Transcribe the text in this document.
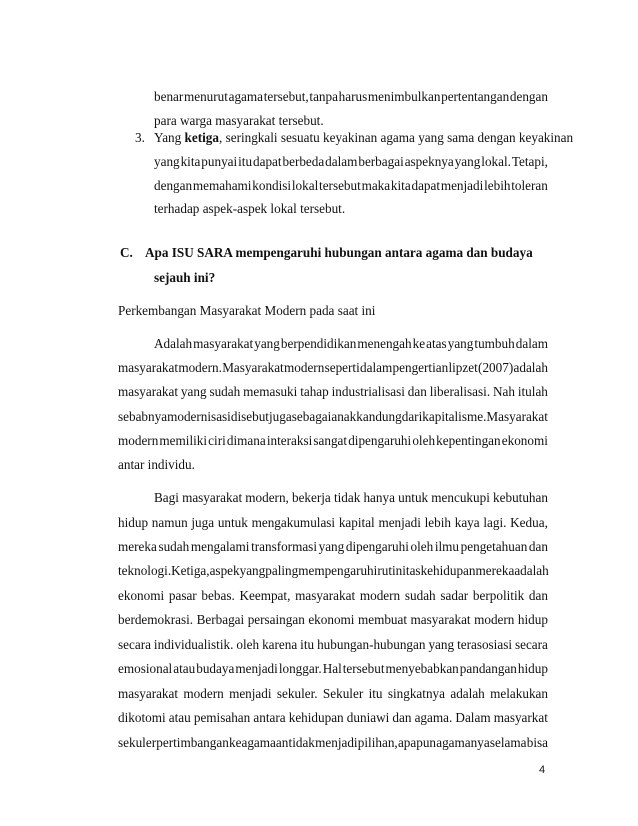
benar menurut agama tersebut, tanpa harus menimbulkan pertentangan dengan
para warga masyarakat tersebut.
3. Yang ketiga, seringkali sesuatu keyakinan agama yang sama dengan keyakinan
yang kita punyai itu dapat berbeda dalam berbagai aspeknya yang lokal. Tetapi,
dengan memahami kondisi lokal tersebut maka kita dapat menjadi lebih toleran
terhadap aspek-aspek lokal tersebut.
C. Apa ISU SARA mempengaruhi hubungan antara agama dan budaya
sejauh ini?
Perkembangan Masyarakat Modern pada saat ini
Adalah masyarakat yang berpendidikan menengah ke atas yang tumbuh dalam
masyarakat modern. Masyarakat modern seperti dalam pengertian lipzet (2007) adalah
masyarakat yang sudah memasuki tahap industrialisasi dan liberalisasi. Nah itulah
sebabnya modernisasi disebut juga sebagai anak kandung dari kapitalisme. Masyarakat
modern memiliki ciri dimana interaksi sangat dipengaruhi oleh kepentingan ekonomi
antar individu.
Bagi masyarakat modern, bekerja tidak hanya untuk mencukupi kebutuhan
hidup namun juga untuk mengakumulasi kapital menjadi lebih kaya lagi. Kedua,
mereka sudah mengalami transformasi yang dipengaruhi oleh ilmu pengetahuan dan
teknologi. Ketiga, aspek yang paling mempengaruhi rutinitas kehidupan mereka adalah
ekonomi pasar bebas. Keempat, masyarakat modern sudah sadar berpolitik dan
berdemokrasi. Berbagai persaingan ekonomi membuat masyarakat modern hidup
secara individualistik. oleh karena itu hubungan-hubungan yang terasosiasi secara
emosional atau budaya menjadi longgar. Hal tersebut menyebabkan pandangan hidup
masyarakat modern menjadi sekuler. Sekuler itu singkatnya adalah melakukan
dikotomi atau pemisahan antara kehidupan duniawi dan agama. Dalam masyarkat
sekuler pertimbangan keagamaan tidak menjadi pilihan, apapun agamanya selama bisa
4
